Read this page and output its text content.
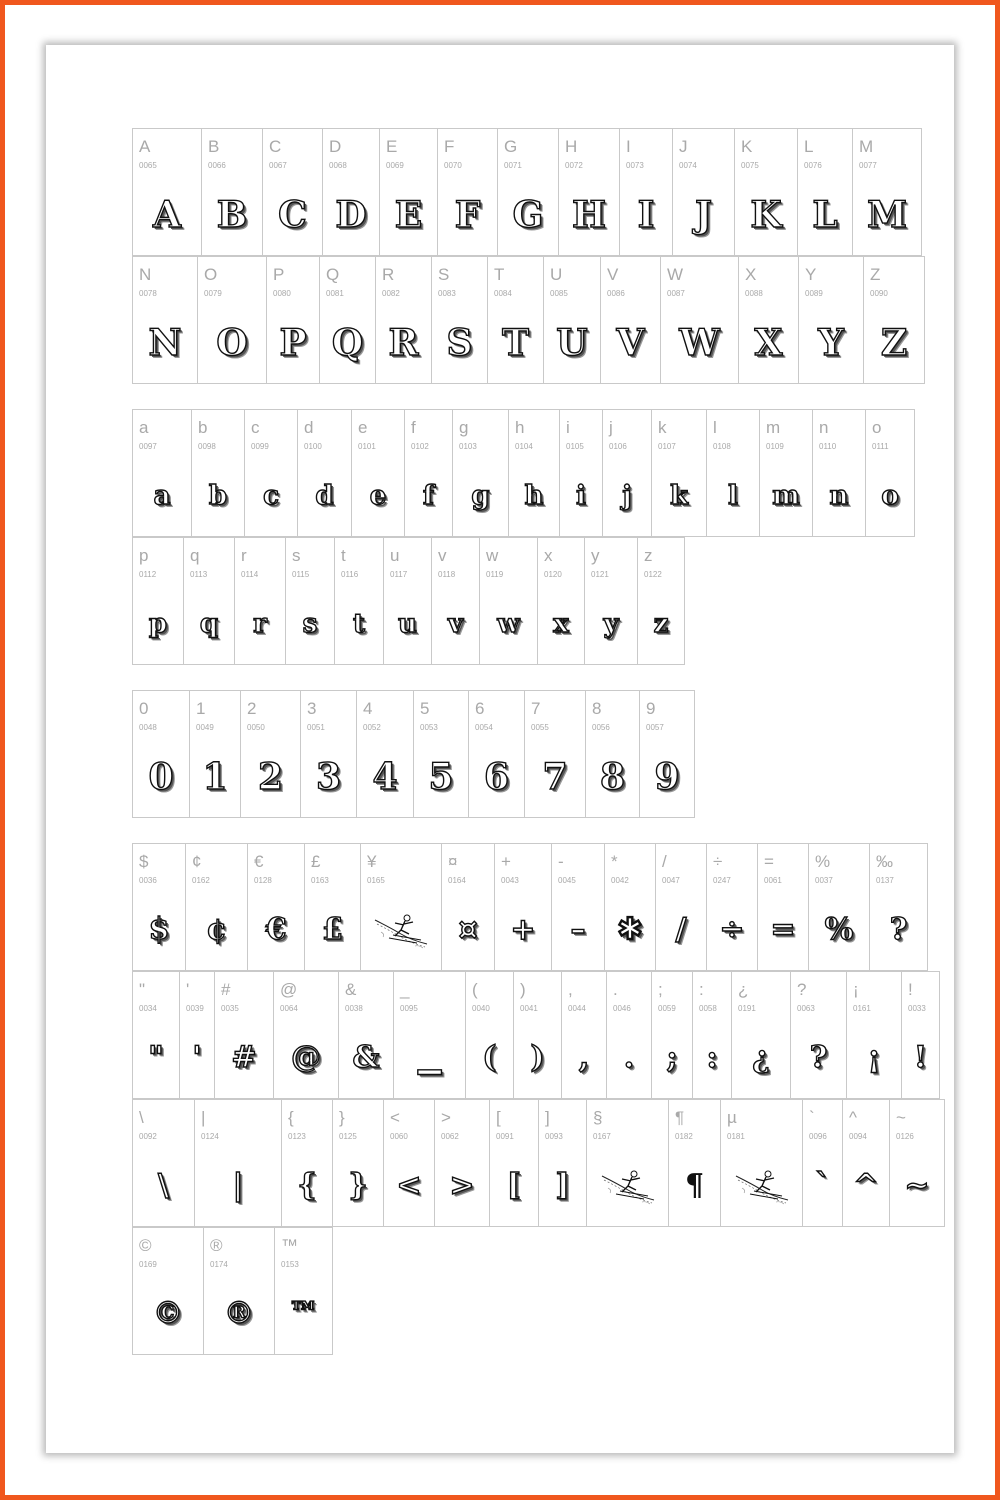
A
0065
A
B
0066
B
C
0067
C
D
0068
D
E
0069
E
F
0070
F
G
0071
G
H
0072
H
I
0073
I
J
0074
J
K
0075
K
L
0076
L
M
0077
M
N
0078
N
O
0079
O
P
0080
P
Q
0081
Q
R
0082
R
S
0083
S
T
0084
T
U
0085
U
V
0086
V
W
0087
W
X
0088
X
Y
0089
Y
Z
0090
Z
a
0097
a
b
0098
b
c
0099
c
d
0100
d
e
0101
e
f
0102
f
g
0103
g
h
0104
h
i
0105
i
j
0106
j
k
0107
k
l
0108
l
m
0109
m
n
0110
n
o
0111
o
p
0112
p
q
0113
q
r
0114
r
s
0115
s
t
0116
t
u
0117
u
v
0118
v
w
0119
w
x
0120
x
y
0121
y
z
0122
z
0
0048
0
1
0049
1
2
0050
2
3
0051
3
4
0052
4
5
0053
5
6
0054
6
7
0055
7
8
0056
8
9
0057
9
$
0036
$
¢
0162
¢
€
0128
€
£
0163
£
¥
0165
¤
0164
¤
+
0043
+
-
0045
–
*
0042
✱
/
0047
/
÷
0247
÷
=
0061
=
%
0037
%
‰
0137
?
"
0034
"
'
0039
'
#
0035
#
@
0064
@
&
0038
&
_
0095
▁
(
0040
(
)
0041
)
,
0044
,
.
0046
.
;
0059
;
:
0058
:
¿
0191
¿
?
0063
?
¡
0161
¡
!
0033
!
\
0092
\
|
0124
|
{
0123
{
}
0125
}
<
0060
<
>
0062
>
[
0091
[
]
0093
]
§
0167
¶
0182
¶
µ
0181
`
0096
`
^
0094
^
~
0126
~
©
0169
©
®
0174
®
™
0153
™
